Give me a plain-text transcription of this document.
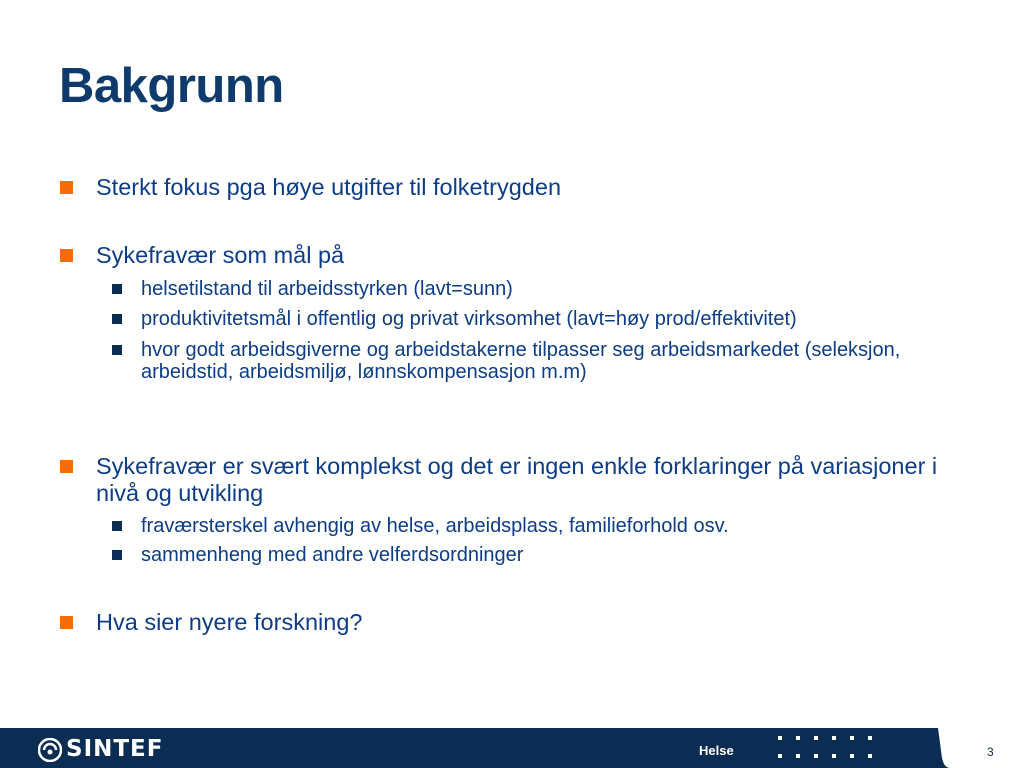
Bakgrunn
Sterkt fokus pga høye utgifter til folketrygden
Sykefravær som mål på
helsetilstand til arbeidsstyrken (lavt=sunn)
produktivitetsmål i offentlig og privat virksomhet (lavt=høy prod/effektivitet)
hvor godt arbeidsgiverne og arbeidstakerne tilpasser seg arbeidsmarkedet (seleksjon, arbeidstid, arbeidsmiljø, lønnskompensasjon m.m)
Sykefravær er svært komplekst og det er ingen enkle forklaringer på variasjoner i nivå og utvikling
fraværsterskel avhengig av helse, arbeidsplass, familieforhold osv.
sammenheng med andre velferdsordninger
Hva sier nyere forskning?
SINTEF	Helse	3
